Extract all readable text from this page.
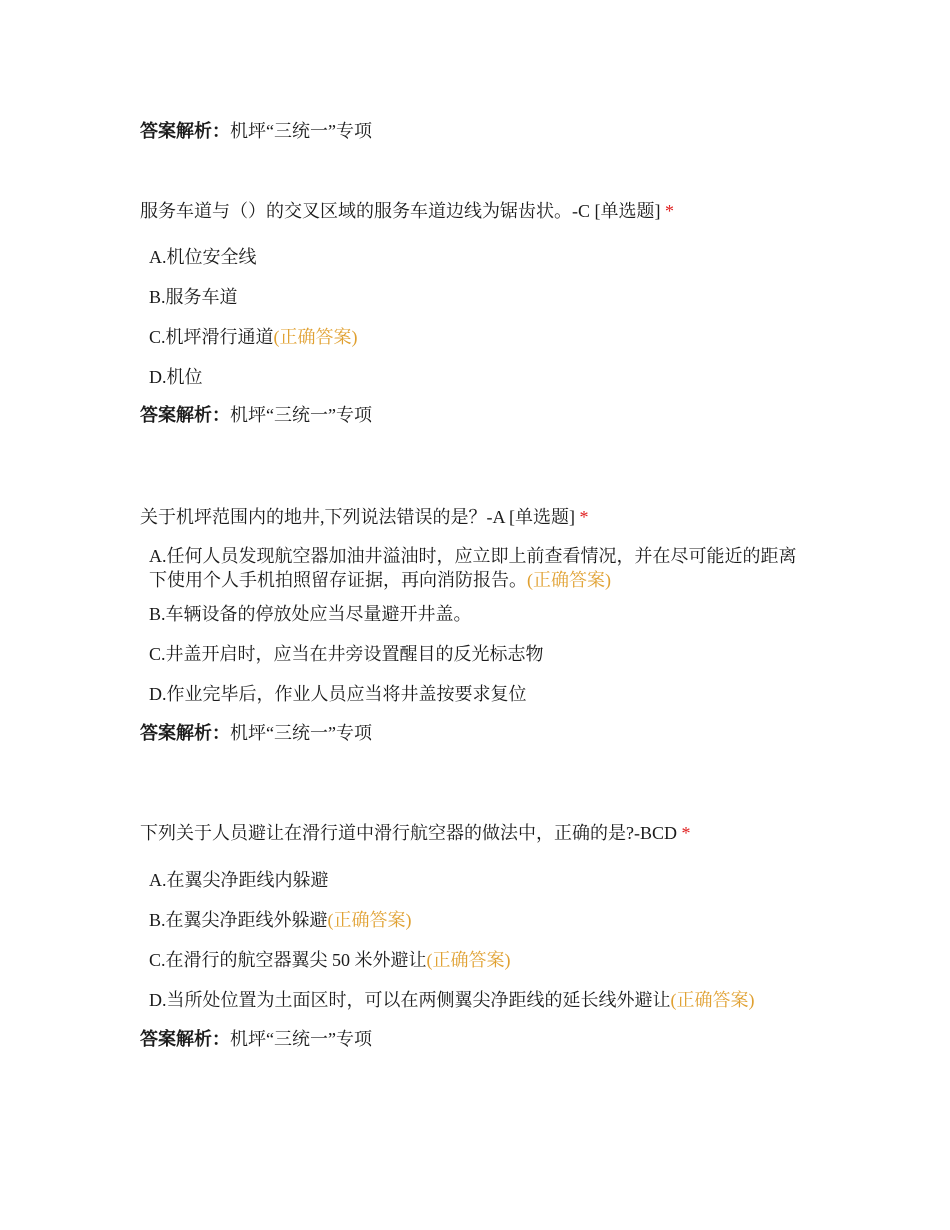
答案解析：机坪“三统一”专项
服务车道与（）的交叉区域的服务车道边线为锯齿状。-C [单选题] *
A.机位安全线
B.服务车道
C.机坪滑行通道(正确答案)
D.机位
答案解析：机坪“三统一”专项
关于机坪范围内的地井,下列说法错误的是？-A [单选题] *
A.任何人员发现航空器加油井溢油时，应立即上前查看情况，并在尽可能近的距离下使用个人手机拍照留存证据，再向消防报告。(正确答案)
B.车辆设备的停放处应当尽量避开井盖。
C.井盖开启时，应当在井旁设置醒目的反光标志物
D.作业完毕后，作业人员应当将井盖按要求复位
答案解析：机坪“三统一”专项
下列关于人员避让在滑行道中滑行航空器的做法中，正确的是?-BCD *
A.在翼尖净距线内躲避
B.在翼尖净距线外躲避(正确答案)
C.在滑行的航空器翼尖 50 米外避让(正确答案)
D.当所处位置为土面区时，可以在两侧翼尖净距线的延长线外避让(正确答案)
答案解析：机坪“三统一”专项
